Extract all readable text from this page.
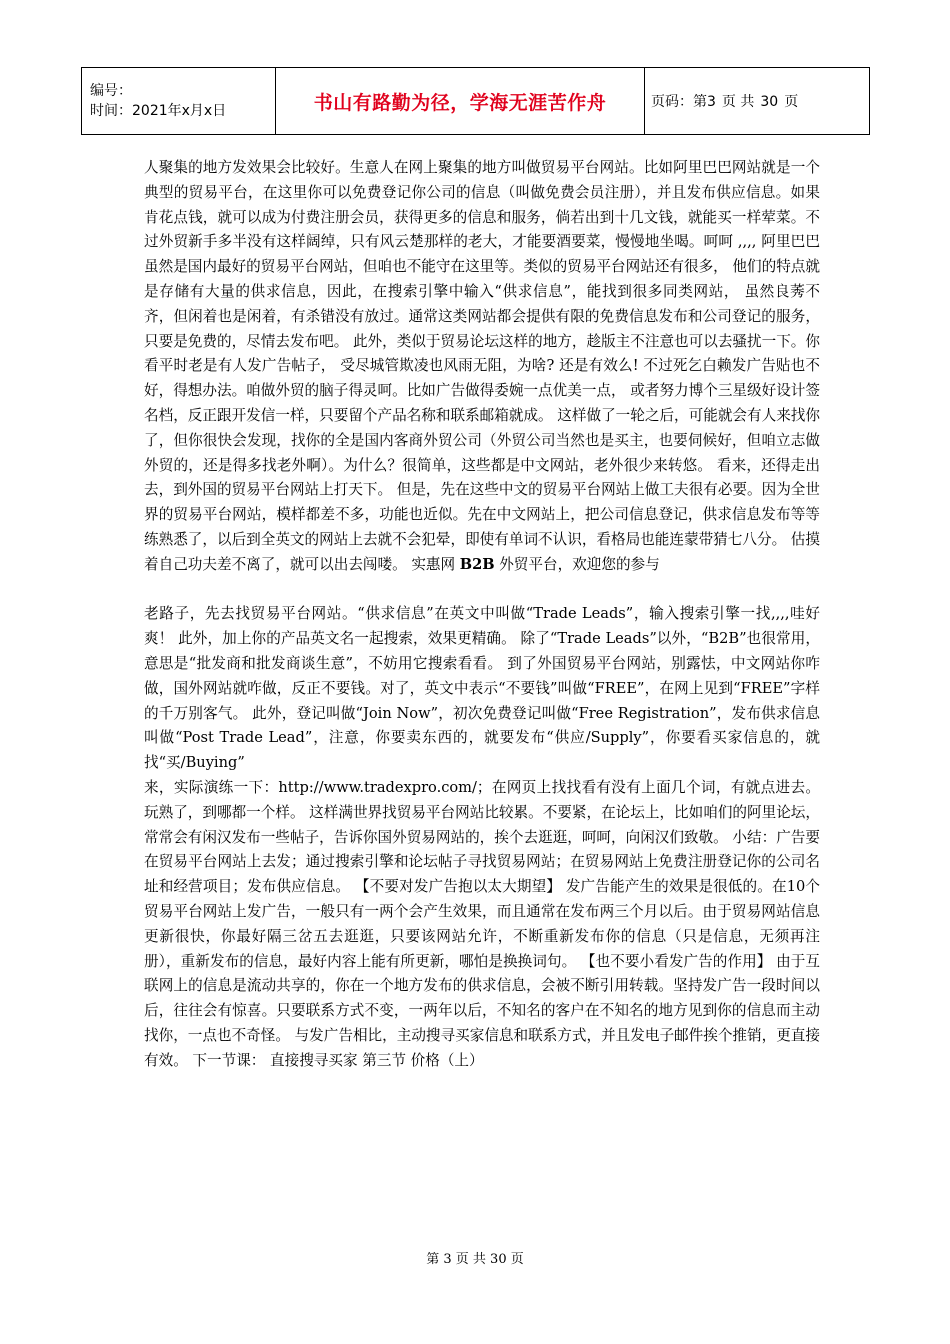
编号：
时间：2021年x月x日	书山有路勤为径，学海无涯苦作舟	页码：第3 页 共 30 页

人聚集的地方发效果会比较好。生意人在网上聚集的地方叫做贸易平台网站。比如阿里巴巴网站就是一个典型的贸易平台，在这里你可以免费登记你公司的信息（叫做免费会员注册），并且发布供应信息。如果肯花点钱，就可以成为付费注册会员，获得更多的信息和服务，倘若出到十几文钱，就能买一样荤菜。不过外贸新手多半没有这样阔绰，只有风云楚那样的老大，才能要酒要菜，慢慢地坐喝。呵呵 ,,,, 阿里巴巴虽然是国内最好的贸易平台网站，但咱也不能守在这里等。类似的贸易平台网站还有很多， 他们的特点就是存储有大量的供求信息，因此，在搜索引擎中输入“供求信息”，能找到很多同类网站， 虽然良莠不齐，但闲着也是闲着，有杀错没有放过。通常这类网站都会提供有限的免费信息发布和公司登记的服务，只要是免费的，尽情去发布吧。 此外，类似于贸易论坛这样的地方，趁版主不注意也可以去骚扰一下。你看平时老是有人发广告帖子， 受尽城管欺凌也风雨无阻，为啥? 还是有效么! 不过死乞白赖发广告贴也不好，得想办法。咱做外贸的脑子得灵呵。比如广告做得委婉一点优美一点， 或者努力博个三星级好设计签名档，反正跟开发信一样，只要留个产品名称和联系邮箱就成。 这样做了一轮之后，可能就会有人来找你了，但你很快会发现，找你的全是国内客商外贸公司（外贸公司当然也是买主，也要伺候好，但咱立志做外贸的，还是得多找老外啊）。为什么？很简单，这些都是中文网站，老外很少来转悠。 看来，还得走出去，到外国的贸易平台网站上打天下。 但是，先在这些中文的贸易平台网站上做工夫很有必要。因为全世界的贸易平台网站，模样都差不多，功能也近似。先在中文网站上，把公司信息登记，供求信息发布等等练熟悉了，以后到全英文的网站上去就不会犯晕，即使有单词不认识，看格局也能连蒙带猜七八分。 估摸着自己功夫差不离了，就可以出去闯喽。 实惠网 B2B 外贸平台，欢迎您的参与

老路子，先去找贸易平台网站。“供求信息”在英文中叫做“Trade Leads”，输入搜索引擎一找,,,,哇好爽！ 此外，加上你的产品英文名一起搜索，效果更精确。 除了“Trade Leads”以外，“B2B”也很常用，意思是“批发商和批发商谈生意”，不妨用它搜索看看。 到了外国贸易平台网站，别露怯，中文网站你咋做，国外网站就咋做，反正不要钱。对了，英文中表示“不要钱”叫做“FREE”，在网上见到“FREE”字样的千万别客气。 此外，登记叫做“Join Now”，初次免费登记叫做“Free Registration”，发布供求信息叫做“Post Trade Lead”，注意，你要卖东西的，就要发布“供应/Supply”，你要看买家信息的，就找“买/Buying”

来，实际演练一下：http://www.tradexpro.com/；在网页上找找看有没有上面几个词，有就点进去。 玩熟了，到哪都一个样。 这样满世界找贸易平台网站比较累。不要紧，在论坛上，比如咱们的阿里论坛，常常会有闲汉发布一些帖子，告诉你国外贸易网站的，挨个去逛逛，呵呵，向闲汉们致敬。 小结：广告要在贸易平台网站上去发；通过搜索引擎和论坛帖子寻找贸易网站；在贸易网站上免费注册登记你的公司名址和经营项目；发布供应信息。 【不要对发广告抱以太大期望】 发广告能产生的效果是很低的。在10个贸易平台网站上发广告，一般只有一两个会产生效果，而且通常在发布两三个月以后。由于贸易网站信息更新很快，你最好隔三岔五去逛逛，只要该网站允许，不断重新发布你的信息（只是信息，无须再注册），重新发布的信息，最好内容上能有所更新，哪怕是换换词句。 【也不要小看发广告的作用】 由于互联网上的信息是流动共享的，你在一个地方发布的供求信息，会被不断引用转载。坚持发广告一段时间以后，往往会有惊喜。只要联系方式不变，一两年以后，不知名的客户在不知名的地方见到你的信息而主动找你，一点也不奇怪。 与发广告相比，主动搜寻买家信息和联系方式，并且发电子邮件挨个推销，更直接有效。 下一节课： 直接搜寻买家 第三节 价格（上）

第 3 页 共 30 页
